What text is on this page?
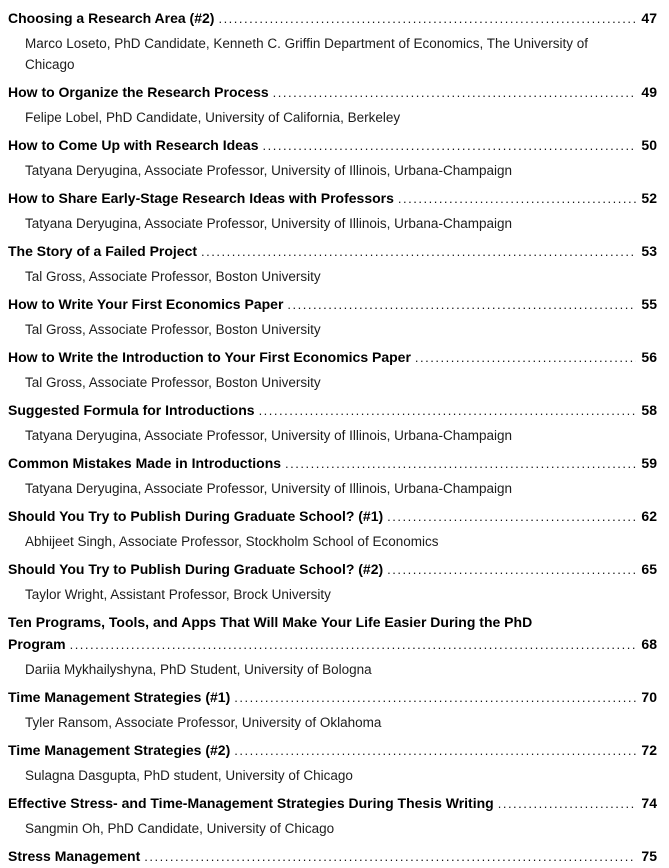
Choosing a Research Area (#2) .....	47
Marco Loseto, PhD Candidate, Kenneth C. Griffin Department of Economics, The University of Chicago
How to Organize the Research Process .....	49
Felipe Lobel, PhD Candidate, University of California, Berkeley
How to Come Up with Research Ideas .....	50
Tatyana Deryugina, Associate Professor, University of Illinois, Urbana-Champaign
How to Share Early-Stage Research Ideas with Professors .....	52
Tatyana Deryugina, Associate Professor, University of Illinois, Urbana-Champaign
The Story of a Failed Project .....	53
Tal Gross, Associate Professor, Boston University
How to Write Your First Economics Paper .....	55
Tal Gross, Associate Professor, Boston University
How to Write the Introduction to Your First Economics Paper .....	56
Tal Gross, Associate Professor, Boston University
Suggested Formula for Introductions .....	58
Tatyana Deryugina, Associate Professor, University of Illinois, Urbana-Champaign
Common Mistakes Made in Introductions .....	59
Tatyana Deryugina, Associate Professor, University of Illinois, Urbana-Champaign
Should You Try to Publish During Graduate School? (#1) .....	62
Abhijeet Singh, Associate Professor, Stockholm School of Economics
Should You Try to Publish During Graduate School? (#2) .....	65
Taylor Wright, Assistant Professor, Brock University
Ten Programs, Tools, and Apps That Will Make Your Life Easier During the PhD
Program .....	68
Dariia Mykhailyshyna, PhD Student, University of Bologna
Time Management Strategies (#1) .....	70
Tyler Ransom, Associate Professor, University of Oklahoma
Time Management Strategies (#2) .....	72
Sulagna Dasgupta, PhD student, University of Chicago
Effective Stress- and Time-Management Strategies During Thesis Writing .....	74
Sangmin Oh, PhD Candidate, University of Chicago
Stress Management .....	75
